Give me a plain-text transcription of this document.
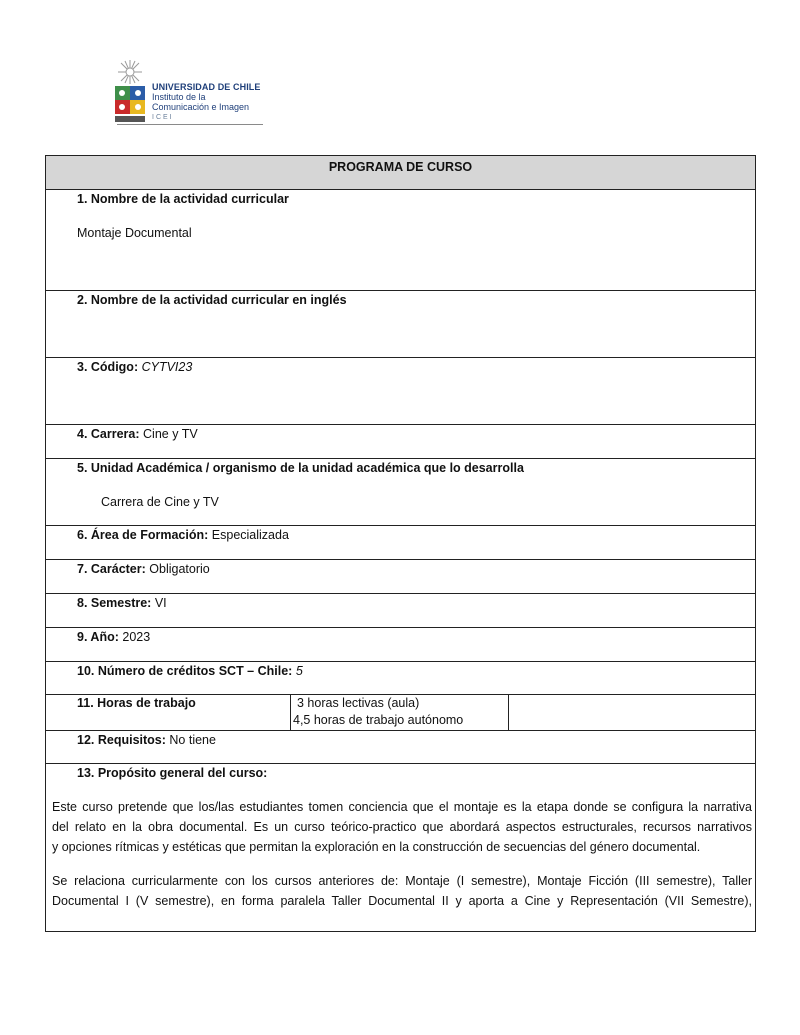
UNIVERSIDAD DE CHILE
Instituto de la
Comunicación e Imagen
ICEI
PROGRAMA DE CURSO
1. Nombre de la actividad curricular
Montaje Documental
2. Nombre de la actividad curricular en inglés
3. Código: CYTVI23
4. Carrera: Cine y TV
5. Unidad Académica / organismo de la unidad académica que lo desarrolla
Carrera de Cine y TV
6. Área de Formación: Especializada
7. Carácter: Obligatorio
8. Semestre: VI
9. Año: 2023
10. Número de créditos SCT – Chile: 5
11. Horas de trabajo	3 horas lectivas (aula)
4,5 horas de trabajo autónomo
12. Requisitos: No tiene
13. Propósito general del curso:
Este curso pretende que los/las estudiantes tomen conciencia que el montaje es la etapa donde se configura la narrativa
del relato en la obra documental. Es un curso teórico-practico que abordará aspectos estructurales, recursos narrativos
y opciones rítmicas y estéticas que permitan la exploración en la construcción de secuencias del género documental.
Se relaciona curricularmente con los cursos anteriores de: Montaje (I semestre), Montaje Ficción (III semestre), Taller
Documental I (V semestre), en forma paralela Taller Documental II y aporta a Cine y Representación (VII Semestre),
